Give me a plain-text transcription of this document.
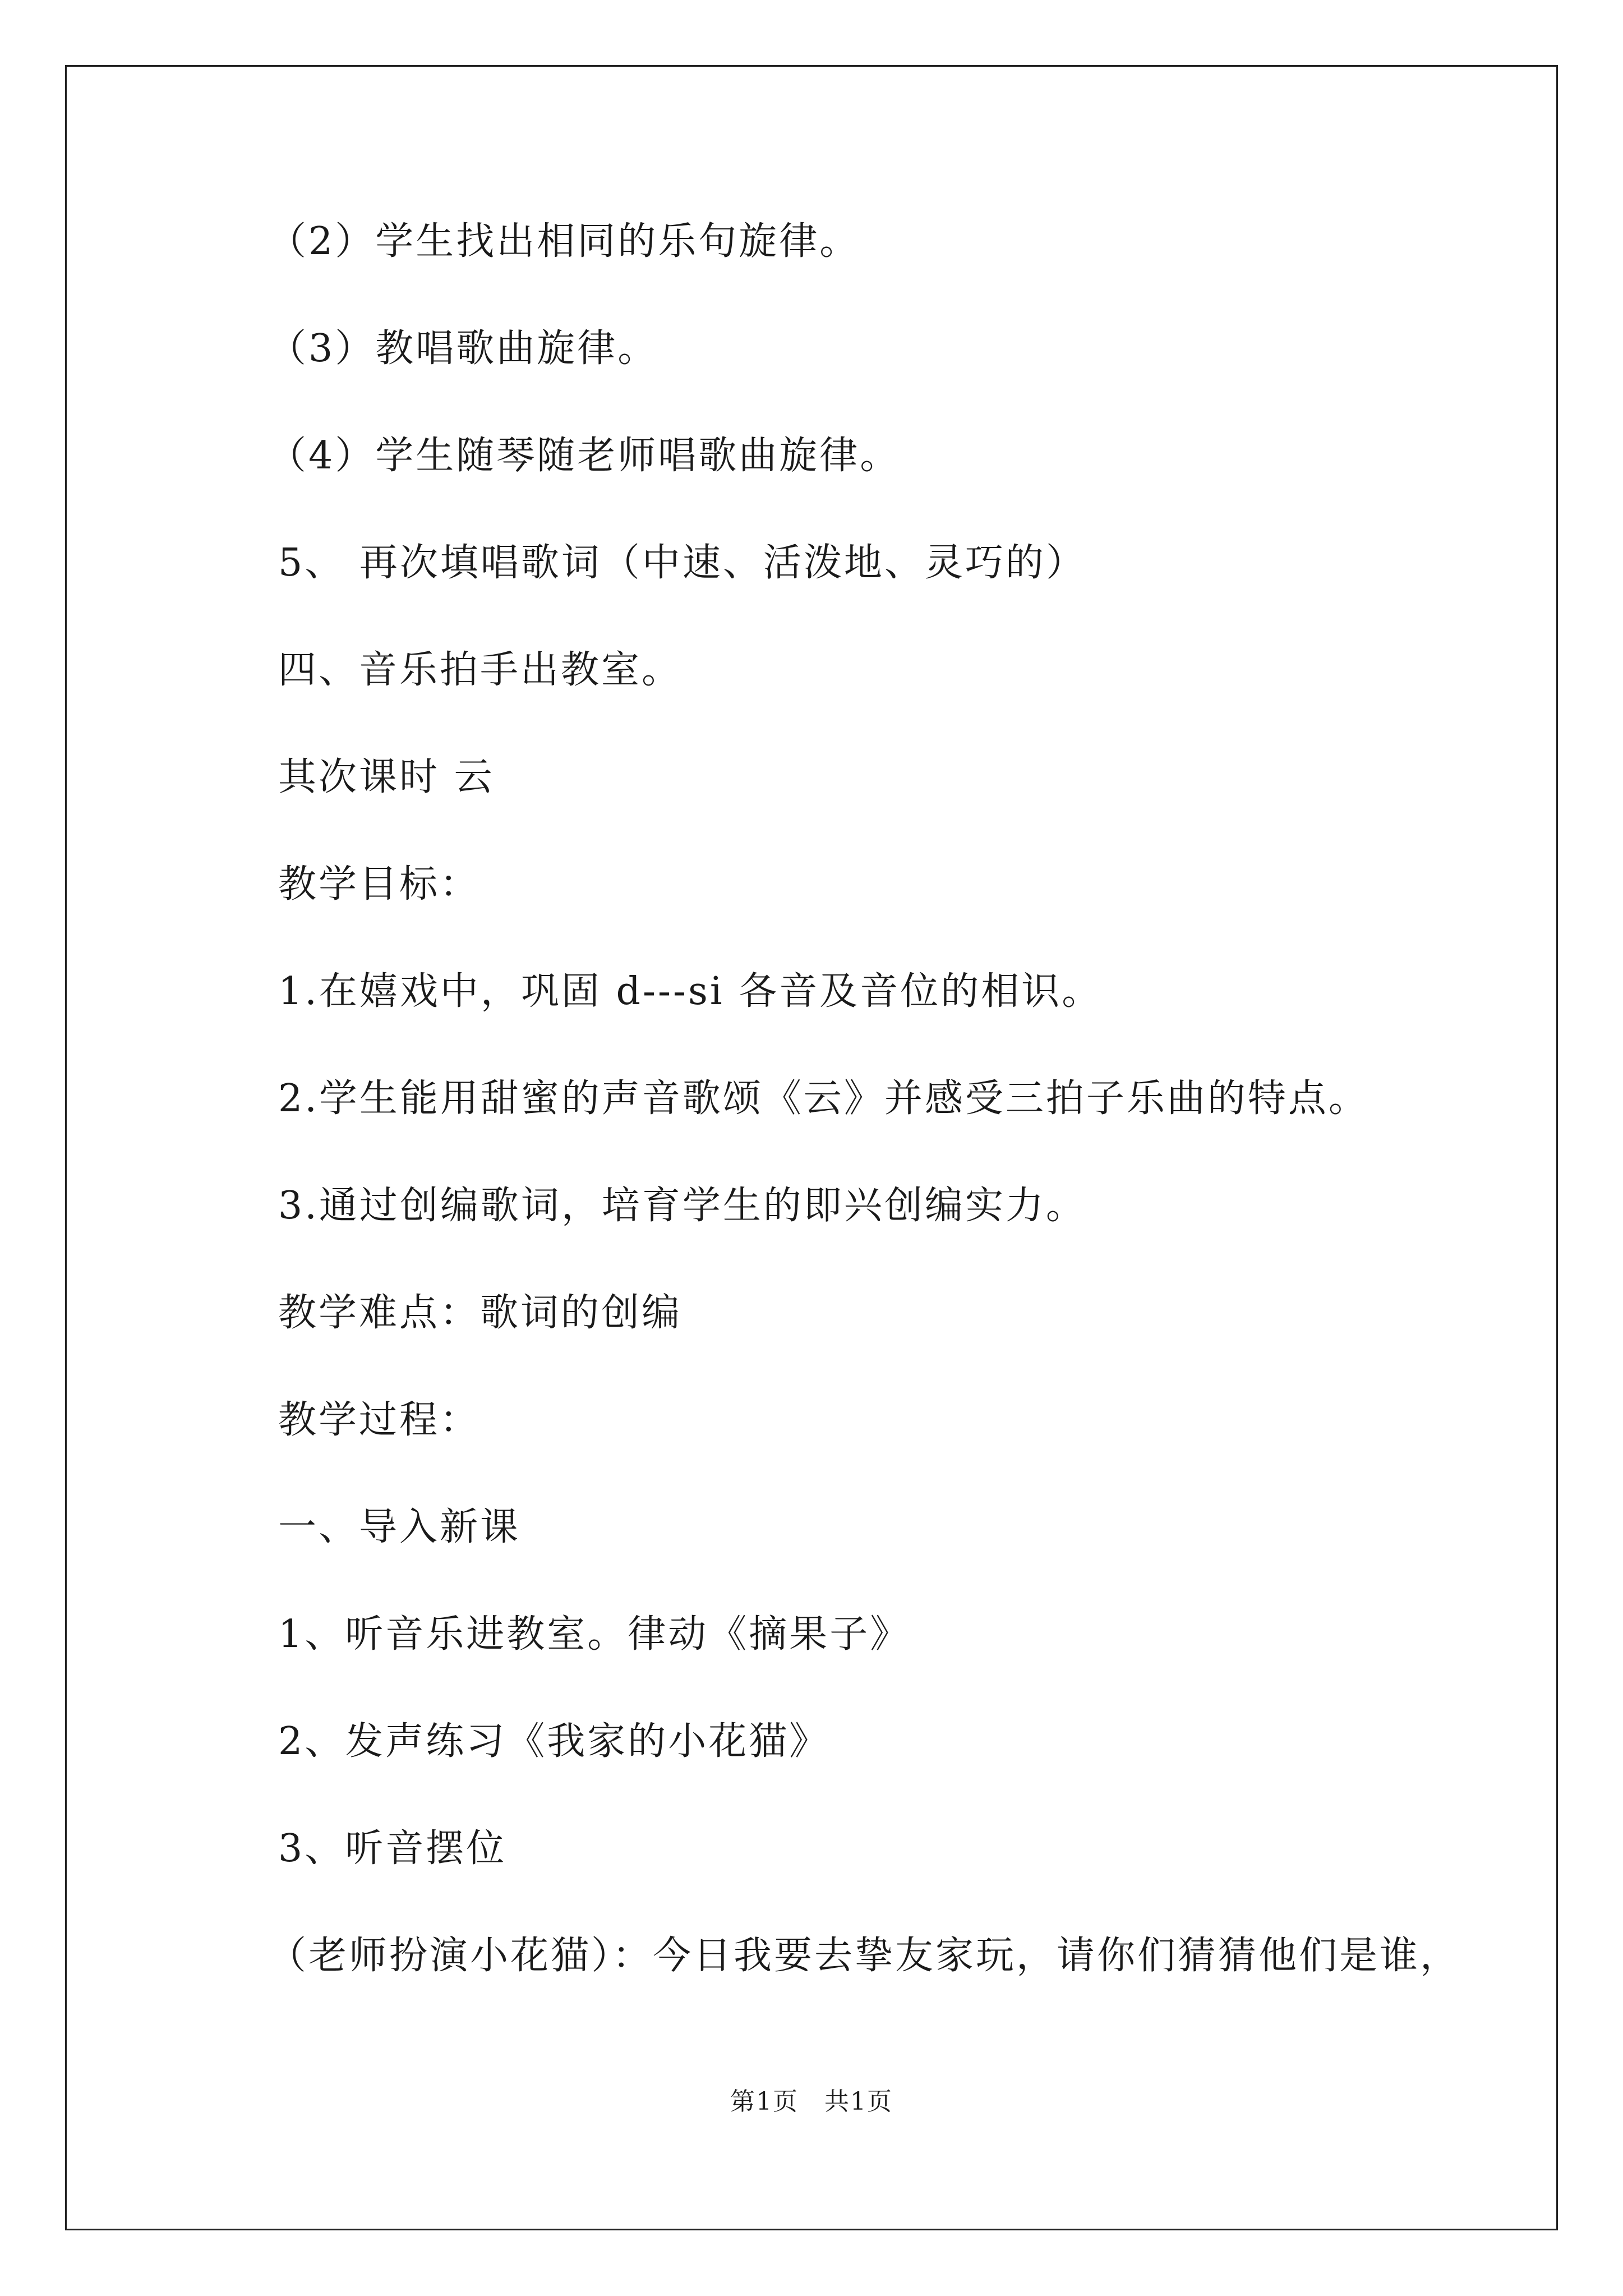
（2）学生找出相同的乐句旋律。
（3）教唱歌曲旋律。
（4）学生随琴随老师唱歌曲旋律。
5、 再次填唱歌词（中速、活泼地、灵巧的）
四、音乐拍手出教室。
其次课时 云
教学目标：
1.在嬉戏中，巩固 d---si 各音及音位的相识。
2.学生能用甜蜜的声音歌颂《云》并感受三拍子乐曲的特点。
3.通过创编歌词，培育学生的即兴创编实力。
教学难点：歌词的创编
教学过程：
一、导入新课
1、听音乐进教室。律动《摘果子》
2、发声练习《我家的小花猫》
3、听音摆位
（老师扮演小花猫）：今日我要去挚友家玩，请你们猜猜他们是谁，
第1页　共1页
